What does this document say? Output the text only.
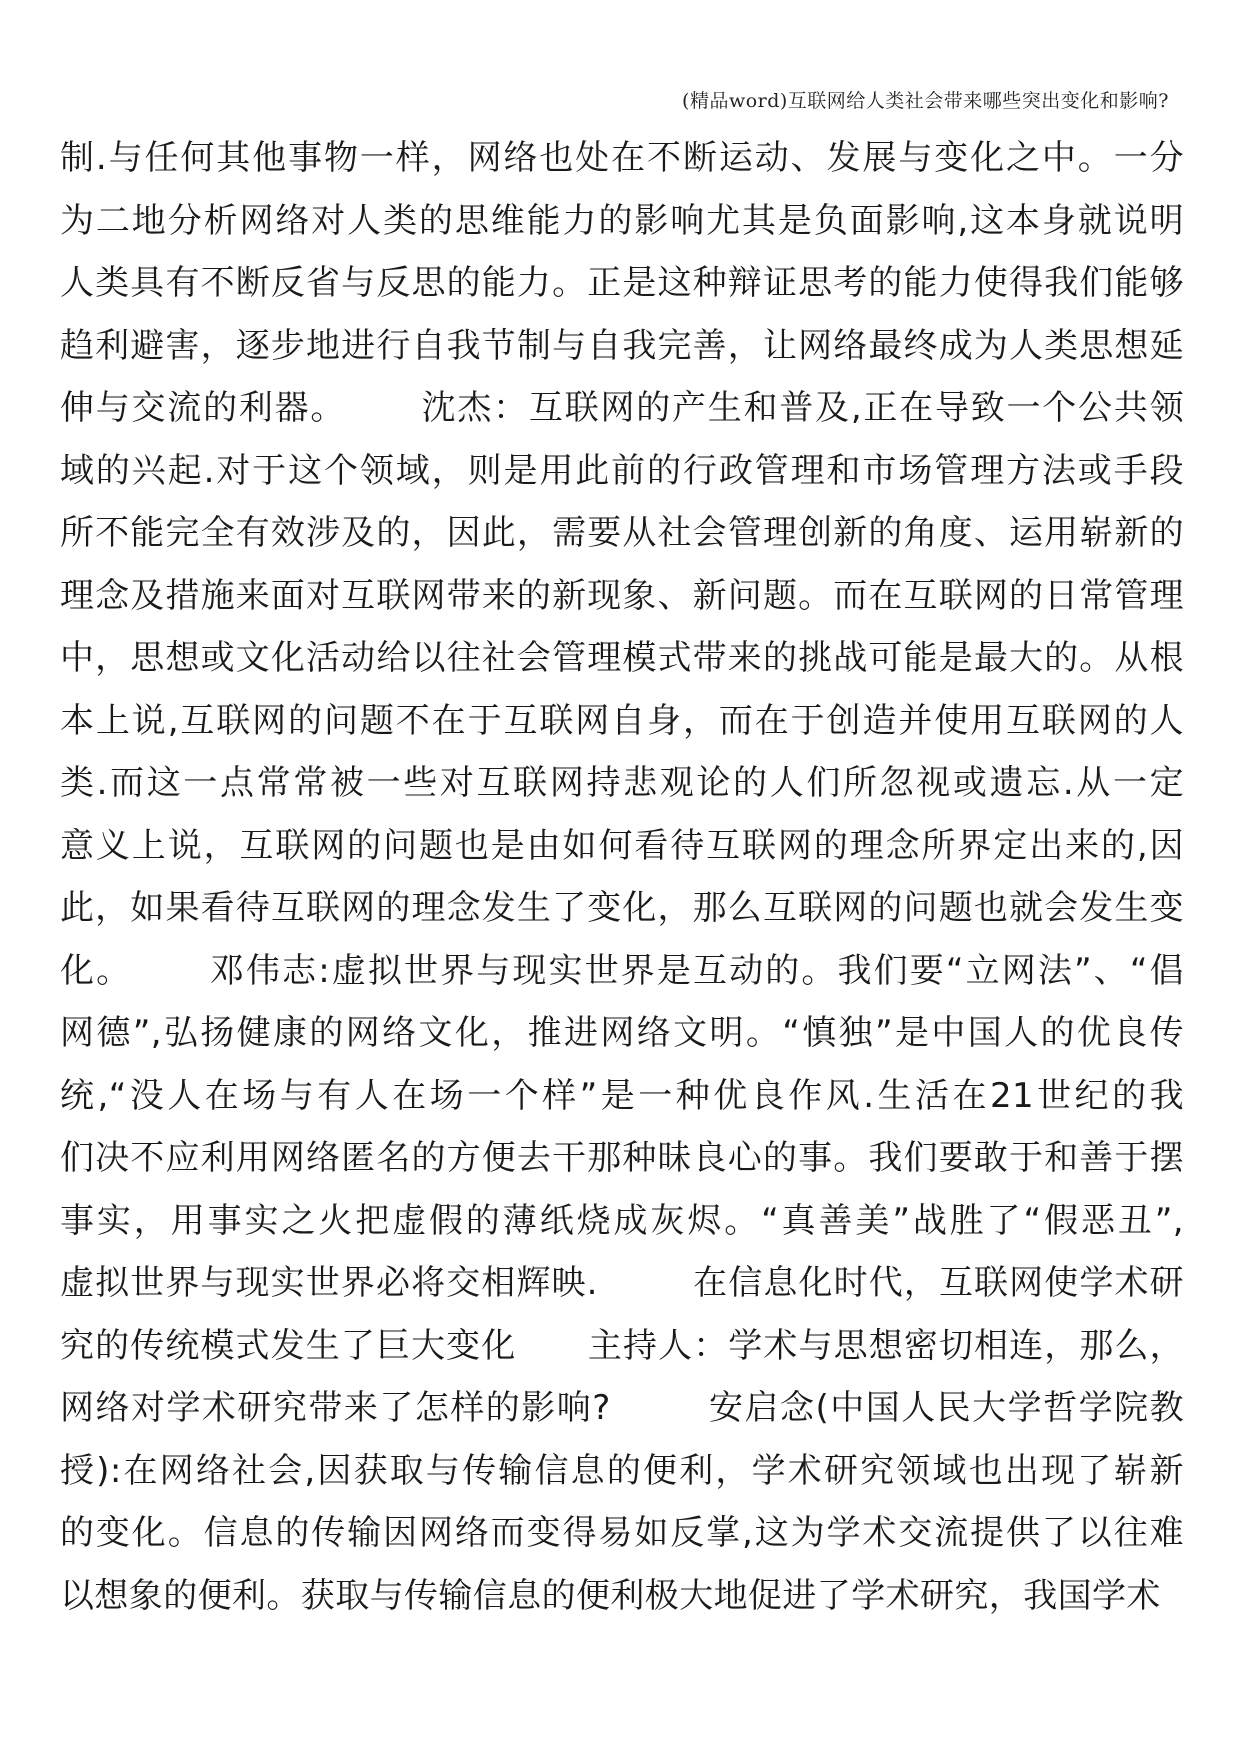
(精品word)互联网给人类社会带来哪些突出变化和影响?
制.与任何其他事物一样，网络也处在不断运动、发展与变化之中。一分
为二地分析网络对人类的思维能力的影响尤其是负面影响,这本身就说明
人类具有不断反省与反思的能力。正是这种辩证思考的能力使得我们能够
趋利避害，逐步地进行自我节制与自我完善，让网络最终成为人类思想延
伸与交流的利器。      沈杰：互联网的产生和普及,正在导致一个公共领
域的兴起.对于这个领域，则是用此前的行政管理和市场管理方法或手段
所不能完全有效涉及的，因此，需要从社会管理创新的角度、运用崭新的
理念及措施来面对互联网带来的新现象、新问题。而在互联网的日常管理
中，思想或文化活动给以往社会管理模式带来的挑战可能是最大的。从根
本上说,互联网的问题不在于互联网自身，而在于创造并使用互联网的人
类.而这一点常常被一些对互联网持悲观论的人们所忽视或遗忘.从一定
意义上说，互联网的问题也是由如何看待互联网的理念所界定出来的,因
此，如果看待互联网的理念发生了变化，那么互联网的问题也就会发生变
化。      邓伟志:虚拟世界与现实世界是互动的。我们要“立网法”、“倡
网德”,弘扬健康的网络文化，推进网络文明。“慎独”是中国人的优良传
统,“没人在场与有人在场一个样”是一种优良作风.生活在21世纪的我
们决不应利用网络匿名的方便去干那种昧良心的事。我们要敢于和善于摆
事实，用事实之火把虚假的薄纸烧成灰烬。“真善美”战胜了“假恶丑”,
虚拟世界与现实世界必将交相辉映.        在信息化时代，互联网使学术研
究的传统模式发生了巨大变化      主持人：学术与思想密切相连，那么，
网络对学术研究带来了怎样的影响?        安启念(中国人民大学哲学院教
授):在网络社会,因获取与传输信息的便利，学术研究领域也出现了崭新
的变化。信息的传输因网络而变得易如反掌,这为学术交流提供了以往难
以想象的便利。获取与传输信息的便利极大地促进了学术研究，我国学术
